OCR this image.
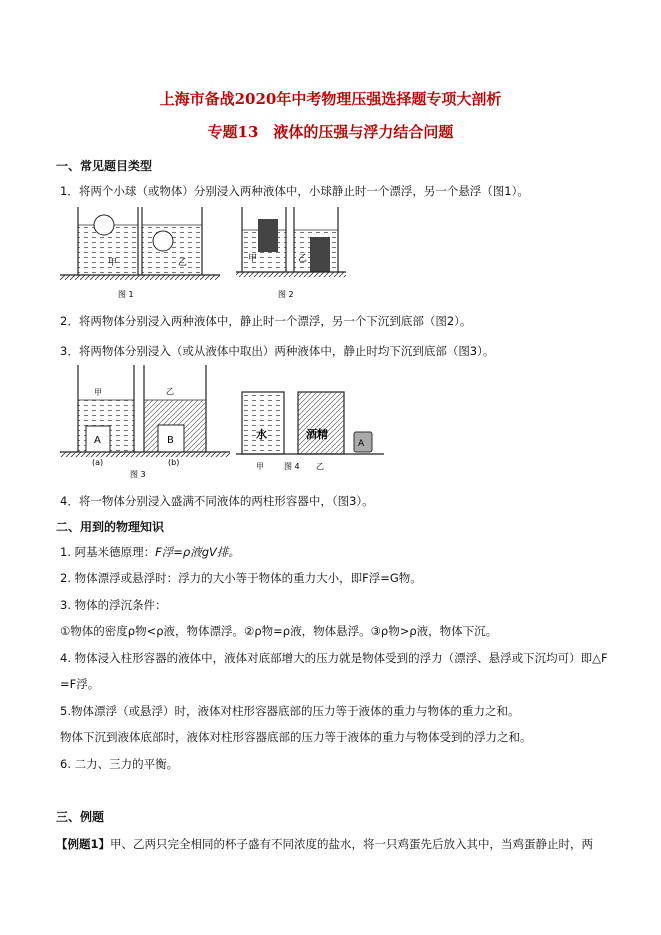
上海市备战2020年中考物理压强选择题专项大剖析
专题13　液体的压强与浮力结合问题
一、常见题目类型
1．将两个小球（或物体）分别浸入两种液体中，小球静止时一个漂浮，另一个悬浮（图1）。
甲	乙
图 1
甲	乙
图 2
2．将两物体分别浸入两种液体中，静止时一个漂浮，另一个下沉到底部（图2）。
3．将两物体分别浸入（或从液体中取出）两种液体中，静止时均下沉到底部（图3）。
A	B
甲	乙
(a)	(b)
图 3
A
水	酒精
甲	图 4 乙
4．将一物体分别浸入盛满不同液体的两柱形容器中，（图3）。
二、用到的物理知识
1. 阿基米德原理：F浮=ρ液gV排。
2. 物体漂浮或悬浮时：浮力的大小等于物体的重力大小，即F浮=G物。
3. 物体的浮沉条件：
①物体的密度ρ物<ρ液，物体漂浮。②ρ物=ρ液，物体悬浮。③ρ物>ρ液，物体下沉。
4. 物体浸入柱形容器的液体中，液体对底部增大的压力就是物体受到的浮力（漂浮、悬浮或下沉均可）即△F
=F浮。
5.物体漂浮（或悬浮）时，液体对柱形容器底部的压力等于液体的重力与物体的重力之和。
物体下沉到液体底部时，液体对柱形容器底部的压力等于液体的重力与物体受到的浮力之和。
6. 二力、三力的平衡。
三、例题
【例题1】甲、乙两只完全相同的杯子盛有不同浓度的盐水，将一只鸡蛋先后放入其中，当鸡蛋静止时，两
